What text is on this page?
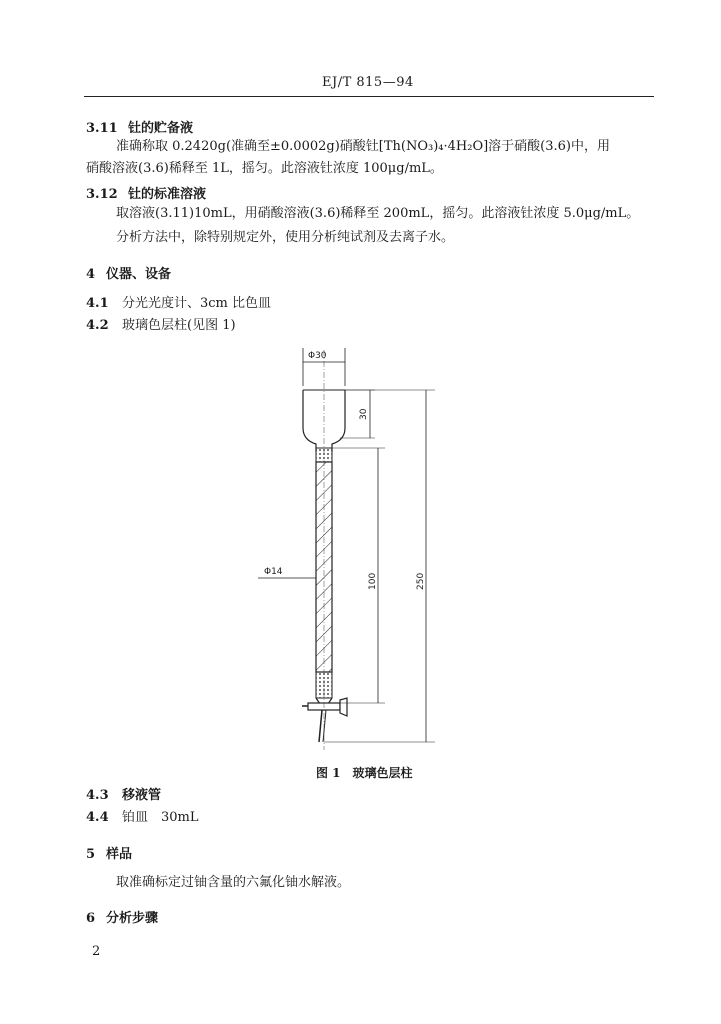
EJ/T 815—94
3.11 钍的贮备液
准确称取 0.2420g(准确至±0.0002g)硝酸钍[Th(NO₃)₄·4H₂O]溶于硝酸(3.6)中，用
硝酸溶液(3.6)稀释至 1L，摇匀。此溶液钍浓度 100μg/mL。
3.12 钍的标准溶液
取溶液(3.11)10mL，用硝酸溶液(3.6)稀释至 200mL，摇匀。此溶液钍浓度 5.0μg/mL。
分析方法中，除特别规定外，使用分析纯试剂及去离子水。
4 仪器、设备
4.1 分光光度计、3cm 比色皿
4.2 玻璃色层柱(见图 1)
Φ30
30
Φ14
100	250
图 1　玻璃色层柱
4.3 移液管
4.4 铂皿　30mL
5 样品
取准确标定过铀含量的六氟化铀水解液。
6 分析步骤
2
